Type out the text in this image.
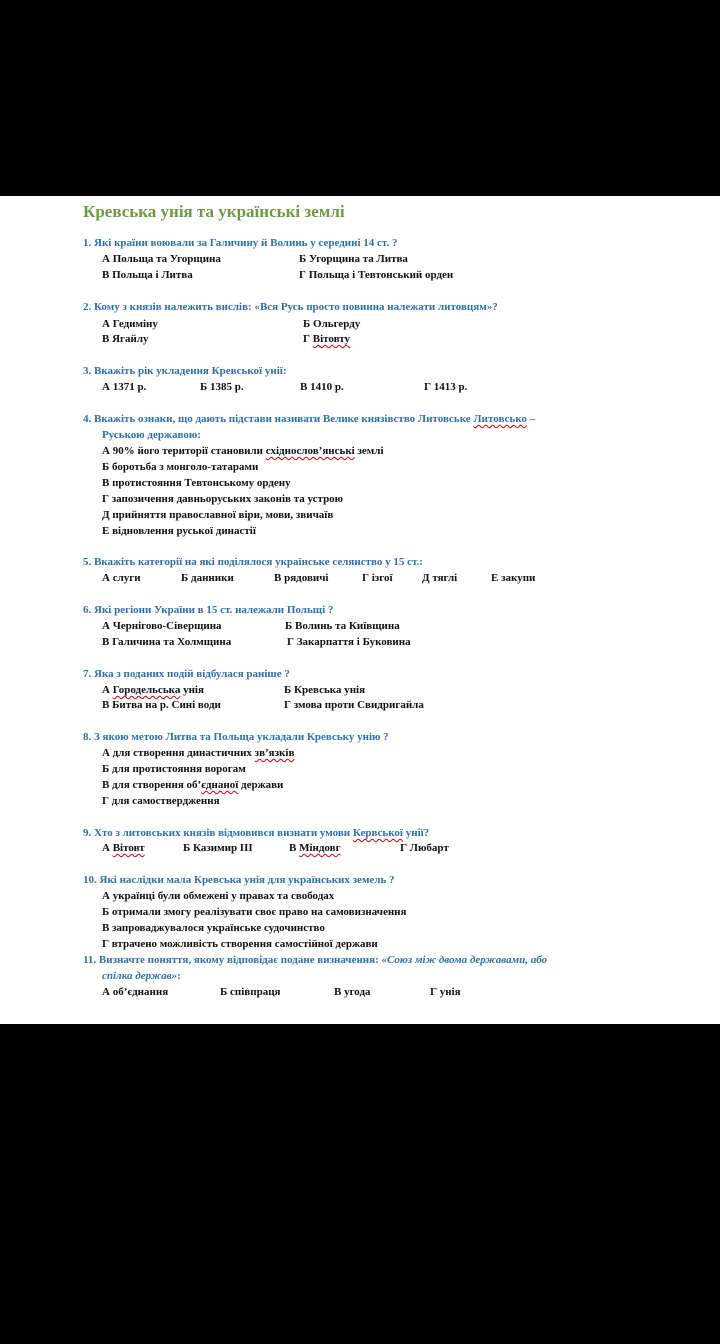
Кревська унія та українські землі
1. Які країни воювали за Галичину й Волинь у середині 14 ст. ?
А Польща та Угорщина	Б Угорщина та Литва
В Польща і Литва	Г Польща і Тевтонський орден
2. Кому з князів належить вислів: «Вся Русь просто повинна належати литовцям»?
А Гедиміну	Б Ольгерду
В Ягайлу	Г Вітовту
3. Вкажіть рік укладення Кревської унії:
А 1371 р.	Б 1385 р.	В 1410 р.	Г 1413 р.
4. Вкажіть ознаки, що дають підстави називати Велике князівство Литовське Литовсько –
Руською державою:
А 90% його території становили східнослов’янські землі
Б боротьба з монголо-татарами
В протистояння Тевтонському ордену
Г запозичення давньоруських законів та устрою
Д прийняття православної віри, мови, звичаїв
Е відновлення руської династії
5. Вкажіть категорії на які поділялося українське селянство у 15 ст.:
А слуги	Б данники	В рядовичі	Г ізгої	Д тяглі	Е закупи
6. Які регіони України в 15 ст. належали Польщі ?
А Чернігово-Сіверщина	Б Волинь та Київщина
В Галичина та Холмщина	Г Закарпаття і Буковина
7. Яка з поданих подій відбулася раніше ?
А Городельська унія	Б Кревська унія
В Битва на р. Сині води	Г змова проти Свидригайла
8. З якою метою Литва та Польща укладали Кревську унію ?
А для створення династичних зв’язків
Б для протистояння ворогам
В для створення об’єднаної держави
Г для самоствердження
9. Хто з литовських князів відмовився визнати умови Кервської унії?
А Вітовт	Б Казимир ІІІ	В Міндовг	Г Любарт
10. Які наслідки мала Кревська унія для українських земель ?
А українці були обмежені у правах та свободах
Б отримали змогу реалізувати своє право на самовизначення
В запроваджувалося українське судочинство
Г втрачено можливість створення самостійної держави
11. Визначте поняття, якому відповідає подане визначення: «Союз між двома державами, або
спілка держав»:
А об’єднання	Б співпраця	В угода	Г унія
